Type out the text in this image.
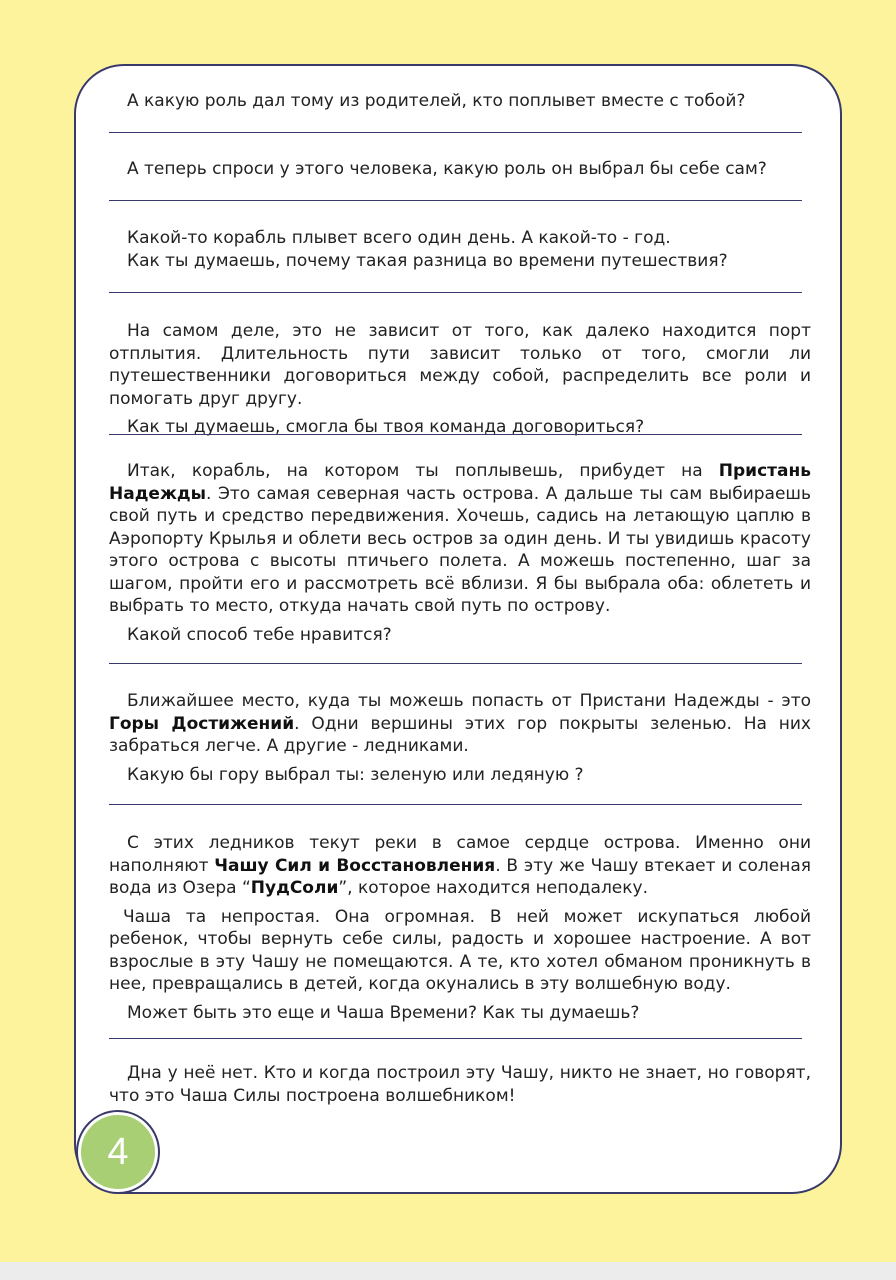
А какую роль дал тому из родителей, кто поплывет вместе с тобой?

А теперь спроси у этого человека, какую роль он выбрал бы себе сам?

Какой-то корабль плывет всего один день. А какой-то - год.
Как ты думаешь, почему такая разница во времени путешествия?

На самом деле, это не зависит от того, как далеко находится порт отплытия. Длительность пути зависит только от того, смогли ли путешественники договориться между собой, распределить все роли и помогать друг другу.

Как ты думаешь, смогла бы твоя команда договориться?

Итак, корабль, на котором ты поплывешь, прибудет на Пристань Надежды. Это самая северная часть острова. А дальше ты сам выбираешь свой путь и средство передвижения. Хочешь, садись на летающую цаплю в Аэропорту Крылья и облети весь остров за один день. И ты увидишь красоту этого острова с высоты птичьего полета. А можешь постепенно, шаг за шагом, пройти его и рассмотреть всё вблизи. Я бы выбрала оба: облететь и выбрать то место, откуда начать свой путь по острову.

Какой способ тебе нравится?

Ближайшее место, куда ты можешь попасть от Пристани Надежды - это Горы Достижений. Одни вершины этих гор покрыты зеленью. На них забраться легче. А другие - ледниками.

Какую бы гору выбрал ты: зеленую или ледяную ?

С этих ледников текут реки в самое сердце острова. Именно они наполняют Чашу Сил и Восстановления. В эту же Чашу втекает и соленая вода из Озера “ПудСоли”, которое находится неподалеку.

Чаша та непростая. Она огромная. В ней может искупаться любой ребенок, чтобы вернуть себе силы, радость и хорошее настроение. А вот взрослые в эту Чашу не помещаются. А те, кто хотел обманом проникнуть в нее, превращались в детей, когда окунались в эту волшебную воду.

Может быть это еще и Чаша Времени? Как ты думаешь?

Дна у неё нет. Кто и когда построил эту Чашу, никто не знает, но говорят, что это Чаша Силы построена волшебником!

4
